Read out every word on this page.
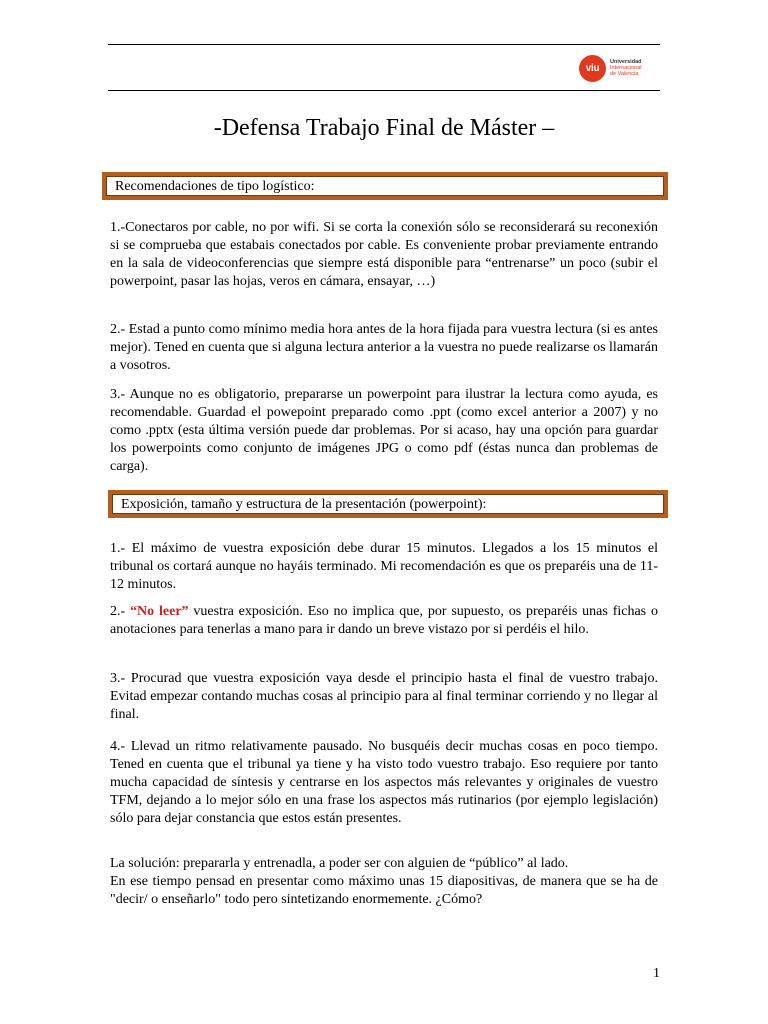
viu
Universidad
Internacional
de Valencia
-Defensa Trabajo Final de Máster –
Recomendaciones de tipo logístico:
1.-Conectaros por cable, no por wifi. Si se corta la conexión sólo se reconsiderará su reconexión si se comprueba que estabais conectados por cable. Es conveniente probar previamente entrando en la sala de videoconferencias que siempre está disponible para “entrenarse” un poco (subir el powerpoint, pasar las hojas, veros en cámara, ensayar, …)
2.- Estad a punto como mínimo media hora antes de la hora fijada para vuestra lectura (si es antes mejor). Tened en cuenta que si alguna lectura anterior a la vuestra no puede realizarse os llamarán a vosotros.
3.- Aunque no es obligatorio, prepararse un powerpoint para ilustrar la lectura como ayuda, es recomendable. Guardad el powepoint preparado como .ppt (como excel anterior a 2007) y no como .pptx (esta última versión puede dar problemas. Por si acaso, hay una opción para guardar los powerpoints como conjunto de imágenes JPG o como pdf (éstas nunca dan problemas de carga).
Exposición, tamaño y estructura de la presentación (powerpoint):
1.- El máximo de vuestra exposición debe durar 15 minutos. Llegados a los 15 minutos el tribunal os cortará aunque no hayáis terminado. Mi recomendación es que os preparéis una de 11-12 minutos.
2.- “No leer” vuestra exposición. Eso no implica que, por supuesto, os preparéis unas fichas o anotaciones para tenerlas a mano para ir dando un breve vistazo por si perdéis el hilo.
3.- Procurad que vuestra exposición vaya desde el principio hasta el final de vuestro trabajo. Evitad empezar contando muchas cosas al principio para al final terminar corriendo y no llegar al final.
4.- Llevad un ritmo relativamente pausado. No busquéis decir muchas cosas en poco tiempo. Tened en cuenta que el tribunal ya tiene y ha visto todo vuestro trabajo. Eso requiere por tanto mucha capacidad de síntesis y centrarse en los aspectos más relevantes y originales de vuestro TFM, dejando a lo mejor sólo en una frase los aspectos más rutinarios (por ejemplo legislación) sólo para dejar constancia que estos están presentes.
La solución: prepararla y entrenadla, a poder ser con alguien de “público” al lado.
En ese tiempo pensad en presentar como máximo unas 15 diapositivas, de manera que se ha de "decir/ o enseñarlo" todo pero sintetizando enormemente. ¿Cómo?
1
